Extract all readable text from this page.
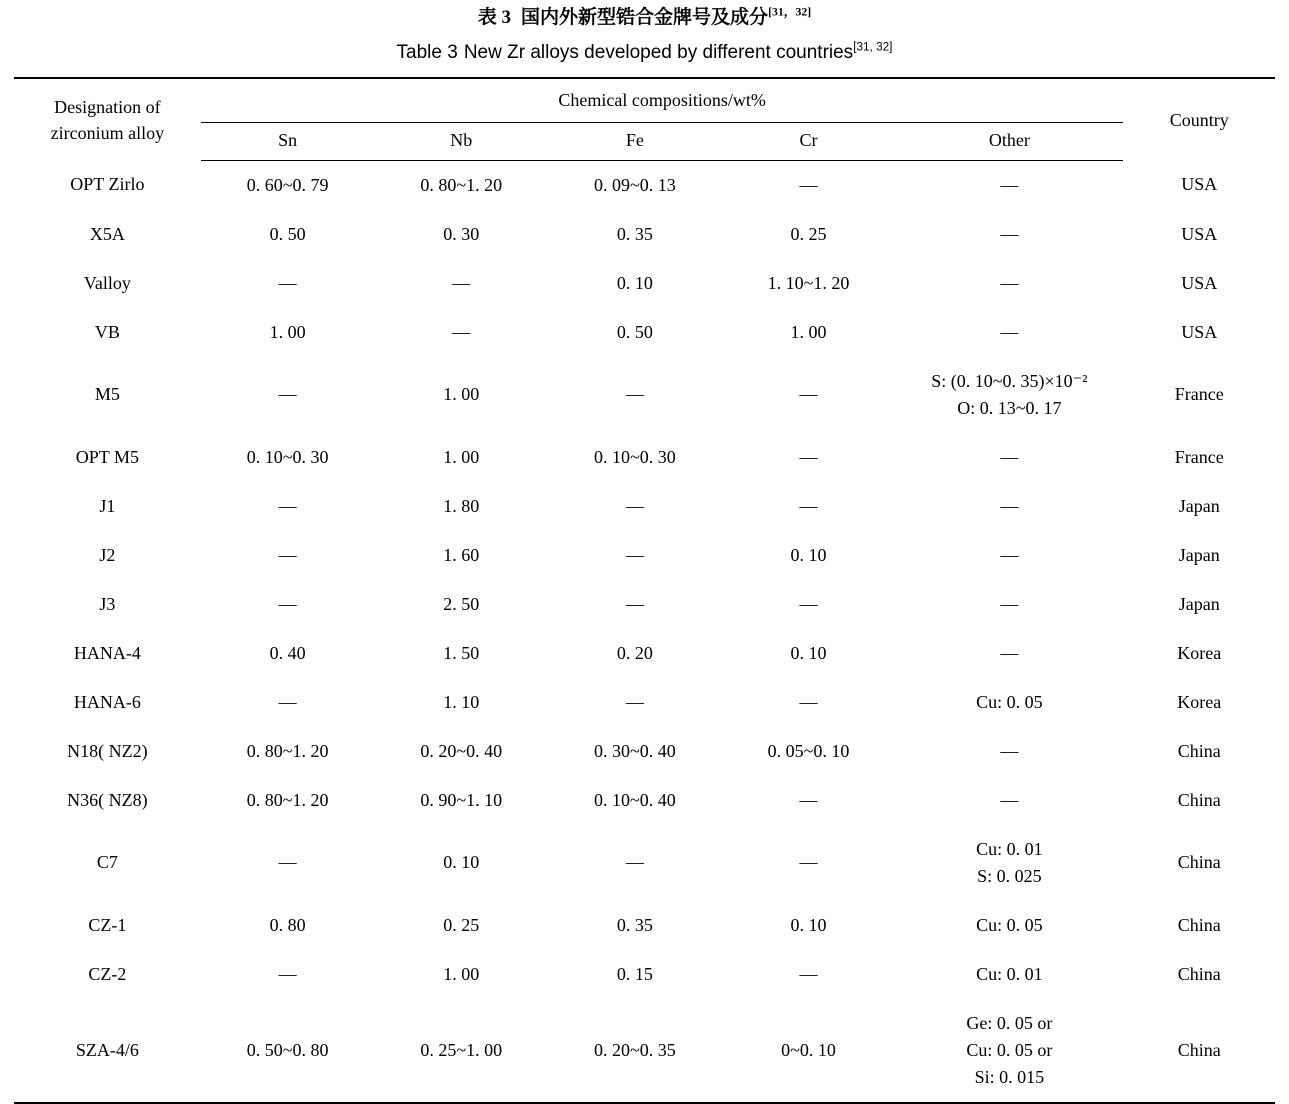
表 3 国内外新型锆合金牌号及成分[31，32]
Table 3 New Zr alloys developed by different countries[31, 32]
Designation of
zirconium alloy	Chemical compositions/wt%					Country
	Sn	Nb	Fe	Cr	Other	
OPT Zirlo	0. 60~0. 79	0. 80~1. 20	0. 09~0. 13	—	—	USA
X5A	0. 50	0. 30	0. 35	0. 25	—	USA
Valloy	—	—	0. 10	1. 10~1. 20	—	USA
VB	1. 00	—	0. 50	1. 00	—	USA
M5	—	1. 00	—	—	S: (0. 10~0. 35)×10⁻²
O: 0. 13~0. 17	France
OPT M5	0. 10~0. 30	1. 00	0. 10~0. 30	—	—	France
J1	—	1. 80	—	—	—	Japan
J2	—	1. 60	—	0. 10	—	Japan
J3	—	2. 50	—	—	—	Japan
HANA-4	0. 40	1. 50	0. 20	0. 10	—	Korea
HANA-6	—	1. 10	—	—	Cu: 0. 05	Korea
N18( NZ2)	0. 80~1. 20	0. 20~0. 40	0. 30~0. 40	0. 05~0. 10	—	China
N36( NZ8)	0. 80~1. 20	0. 90~1. 10	0. 10~0. 40	—	—	China
C7	—	0. 10	—	—	Cu: 0. 01
S: 0. 025	China
CZ-1	0. 80	0. 25	0. 35	0. 10	Cu: 0. 05	China
CZ-2	—	1. 00	0. 15	—	Cu: 0. 01	China
SZA-4/6	0. 50~0. 80	0. 25~1. 00	0. 20~0. 35	0~0. 10	Ge: 0. 05 or
Cu: 0. 05 or
Si: 0. 015	China
